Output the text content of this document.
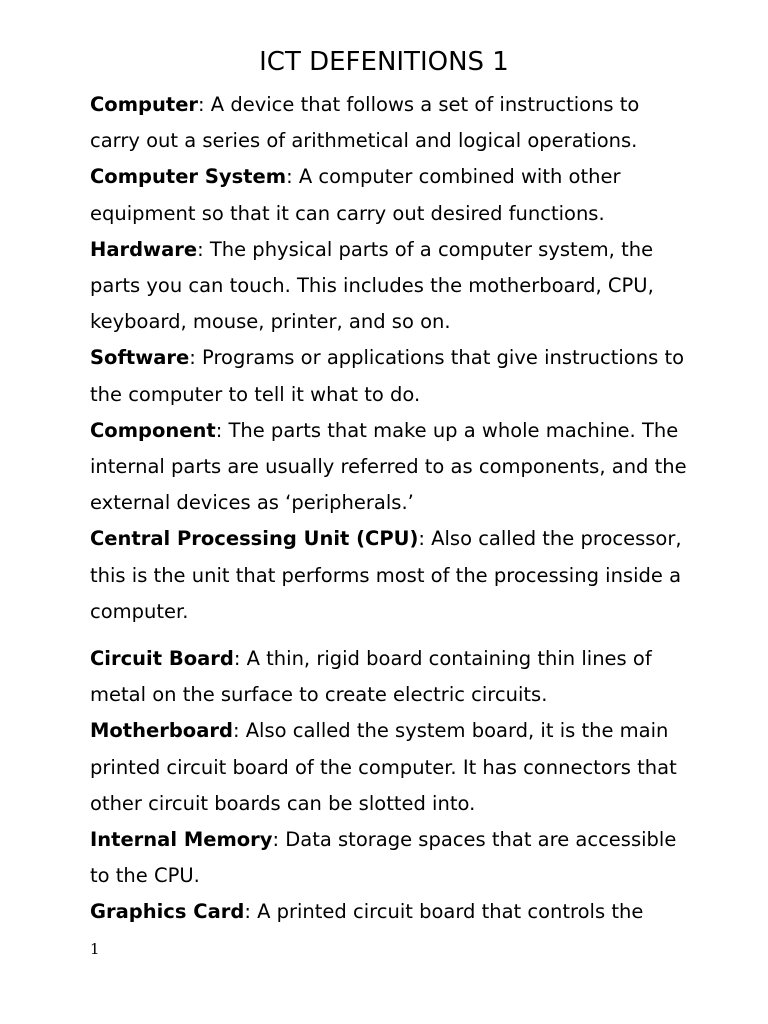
ICT DEFENITIONS 1

Computer: A device that follows a set of instructions to carry out a series of arithmetical and logical operations.

Computer System: A computer combined with other equipment so that it can carry out desired functions.

Hardware: The physical parts of a computer system, the parts you can touch. This includes the motherboard, CPU, keyboard, mouse, printer, and so on.

Software: Programs or applications that give instructions to the computer to tell it what to do.

Component: The parts that make up a whole machine. The internal parts are usually referred to as components, and the external devices as ‘peripherals.’

Central Processing Unit (CPU): Also called the processor, this is the unit that performs most of the processing inside a computer.

Circuit Board: A thin, rigid board containing thin lines of metal on the surface to create electric circuits.

Motherboard: Also called the system board, it is the main printed circuit board of the computer. It has connectors that other circuit boards can be slotted into.

Internal Memory: Data storage spaces that are accessible to the CPU.

Graphics Card: A printed circuit board that controls the

1
